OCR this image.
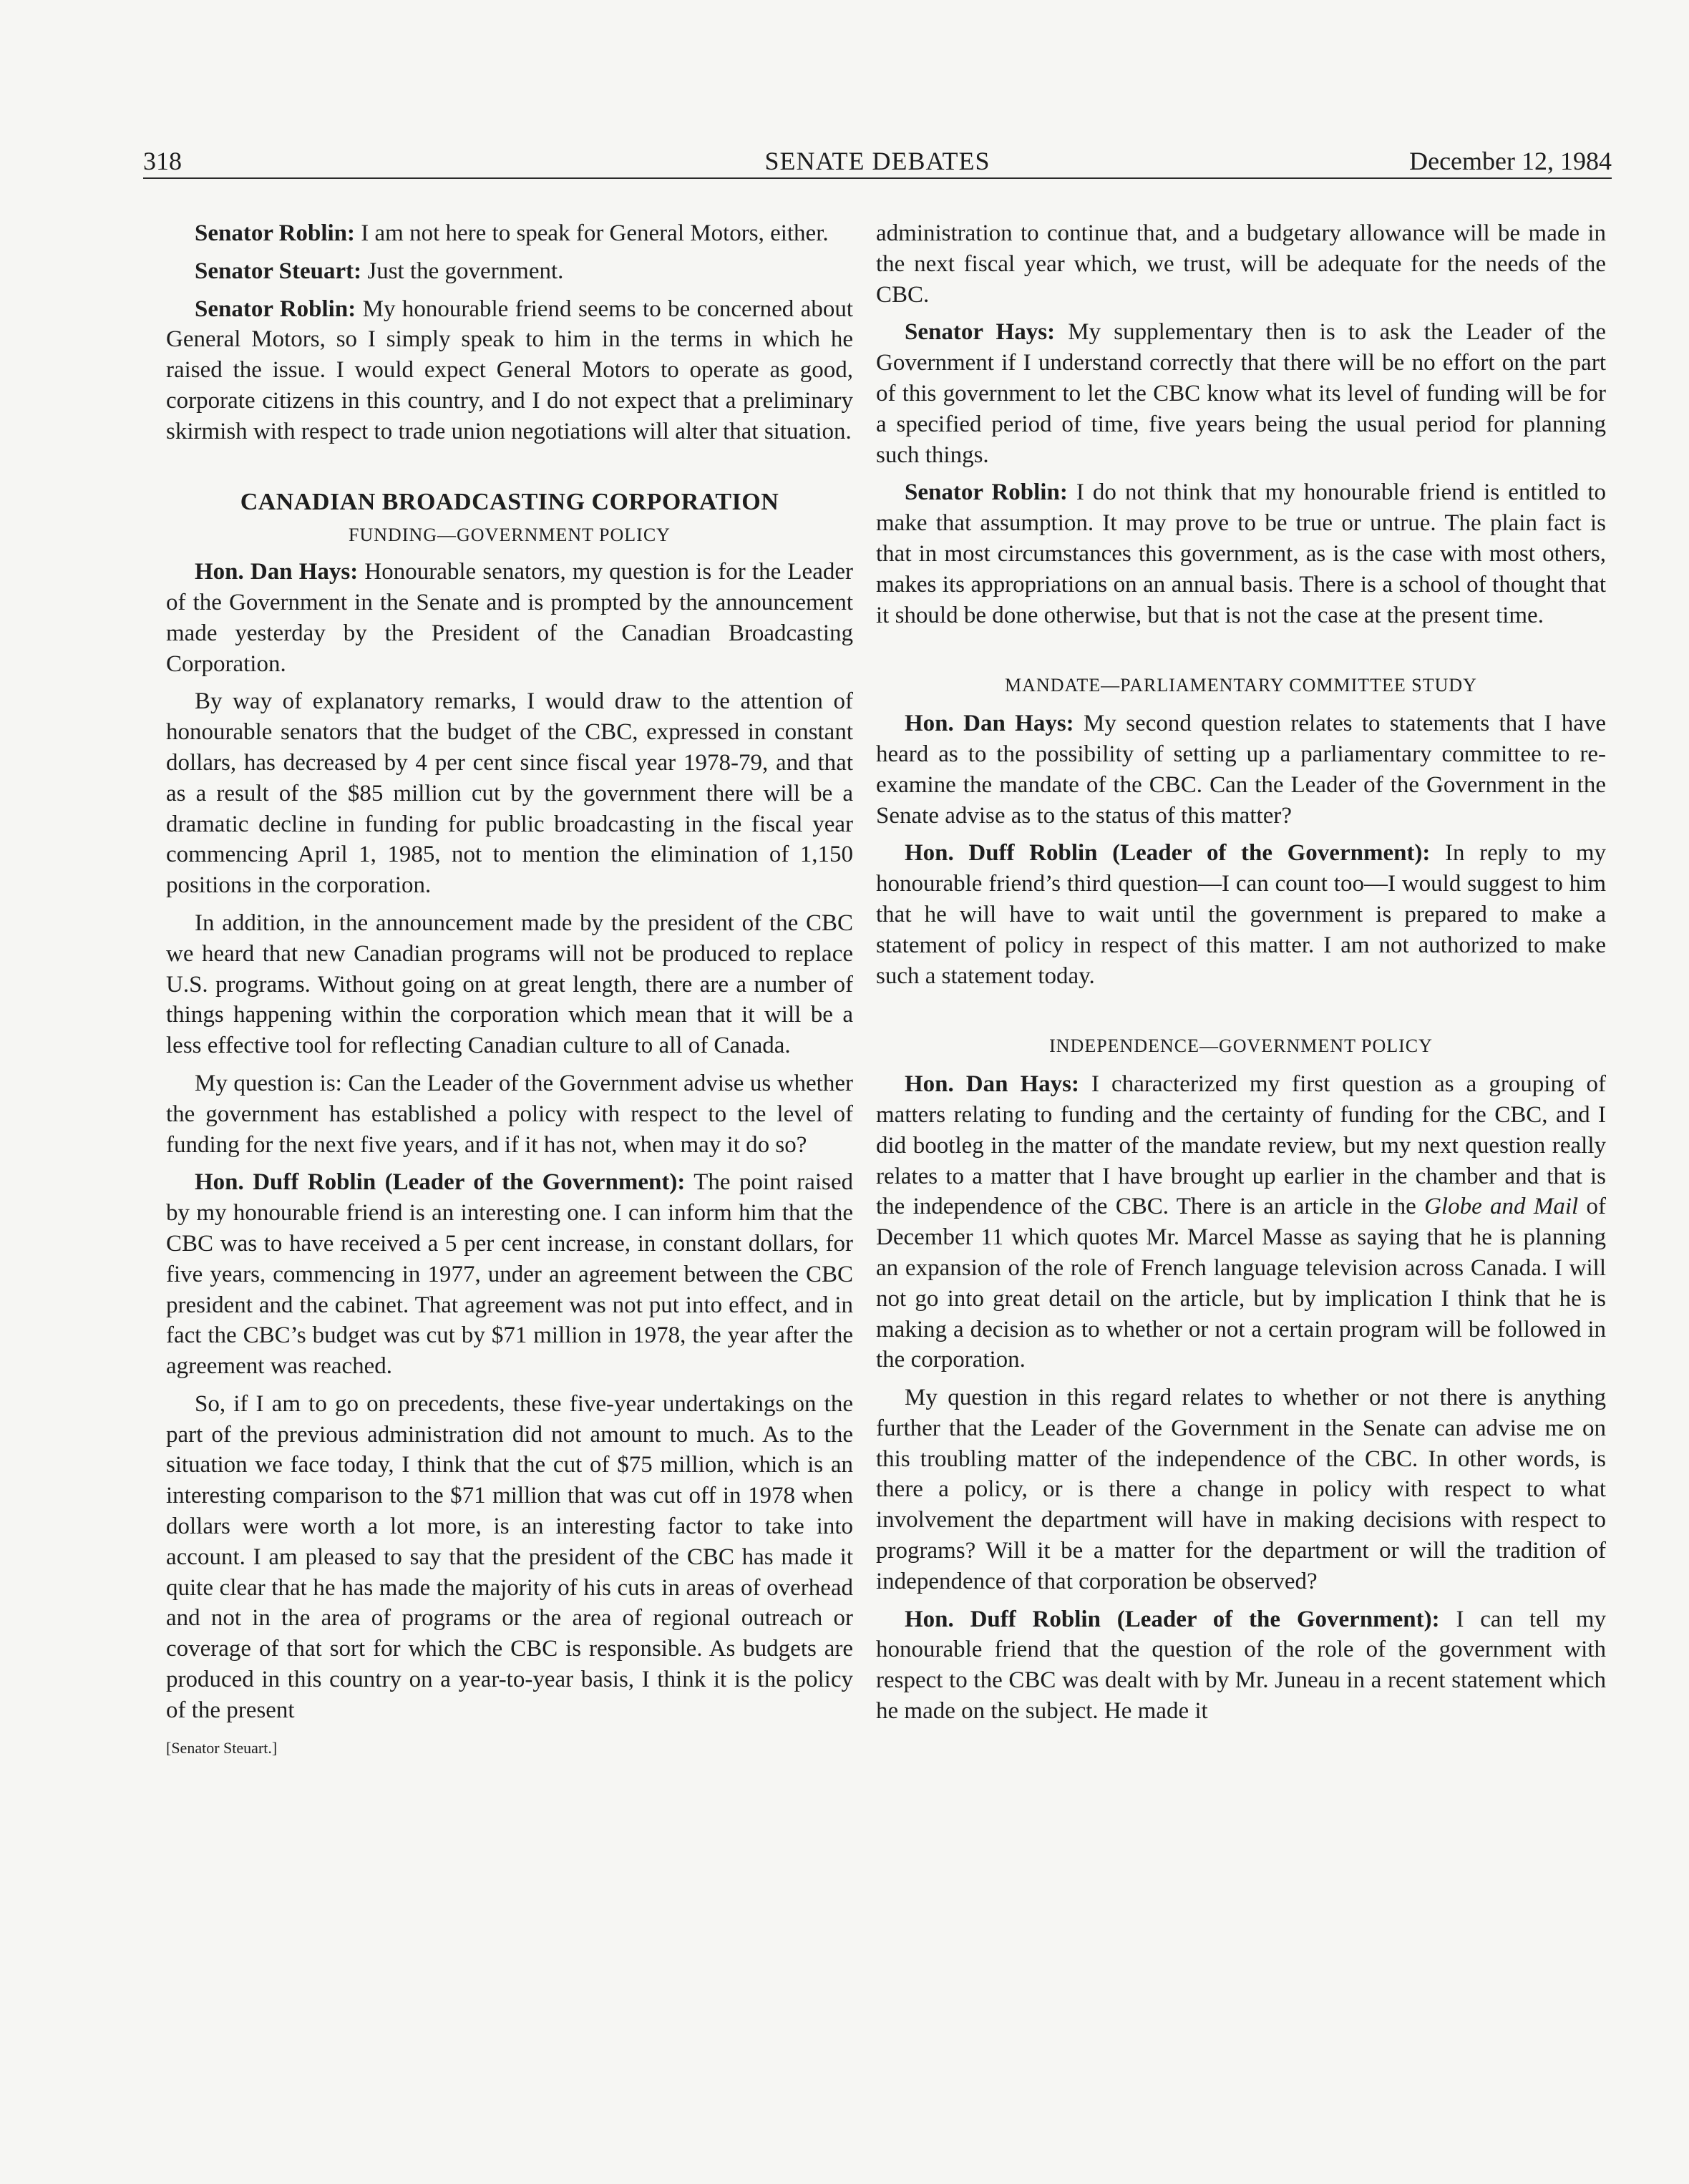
318	SENATE DEBATES	December 12, 1984

Senator Roblin: I am not here to speak for General Motors, either.

Senator Steuart: Just the government.

Senator Roblin: My honourable friend seems to be concerned about General Motors, so I simply speak to him in the terms in which he raised the issue. I would expect General Motors to operate as good, corporate citizens in this country, and I do not expect that a preliminary skirmish with respect to trade union negotiations will alter that situation.

CANADIAN BROADCASTING CORPORATION
FUNDING—GOVERNMENT POLICY

Hon. Dan Hays: Honourable senators, my question is for the Leader of the Government in the Senate and is prompted by the announcement made yesterday by the President of the Canadian Broadcasting Corporation.

By way of explanatory remarks, I would draw to the attention of honourable senators that the budget of the CBC, expressed in constant dollars, has decreased by 4 per cent since fiscal year 1978-79, and that as a result of the $85 million cut by the government there will be a dramatic decline in funding for public broadcasting in the fiscal year commencing April 1, 1985, not to mention the elimination of 1,150 positions in the corporation.

In addition, in the announcement made by the president of the CBC we heard that new Canadian programs will not be produced to replace U.S. programs. Without going on at great length, there are a number of things happening within the corporation which mean that it will be a less effective tool for reflecting Canadian culture to all of Canada.

My question is: Can the Leader of the Government advise us whether the government has established a policy with respect to the level of funding for the next five years, and if it has not, when may it do so?

Hon. Duff Roblin (Leader of the Government): The point raised by my honourable friend is an interesting one. I can inform him that the CBC was to have received a 5 per cent increase, in constant dollars, for five years, commencing in 1977, under an agreement between the CBC president and the cabinet. That agreement was not put into effect, and in fact the CBC’s budget was cut by $71 million in 1978, the year after the agreement was reached.

So, if I am to go on precedents, these five-year undertakings on the part of the previous administration did not amount to much. As to the situation we face today, I think that the cut of $75 million, which is an interesting comparison to the $71 million that was cut off in 1978 when dollars were worth a lot more, is an interesting factor to take into account. I am pleased to say that the president of the CBC has made it quite clear that he has made the majority of his cuts in areas of overhead and not in the area of programs or the area of regional outreach or coverage of that sort for which the CBC is responsible. As budgets are produced in this country on a year-to-year basis, I think it is the policy of the present

[Senator Steuart.]

administration to continue that, and a budgetary allowance will be made in the next fiscal year which, we trust, will be adequate for the needs of the CBC.

Senator Hays: My supplementary then is to ask the Leader of the Government if I understand correctly that there will be no effort on the part of this government to let the CBC know what its level of funding will be for a specified period of time, five years being the usual period for planning such things.

Senator Roblin: I do not think that my honourable friend is entitled to make that assumption. It may prove to be true or untrue. The plain fact is that in most circumstances this government, as is the case with most others, makes its appropriations on an annual basis. There is a school of thought that it should be done otherwise, but that is not the case at the present time.

MANDATE—PARLIAMENTARY COMMITTEE STUDY

Hon. Dan Hays: My second question relates to statements that I have heard as to the possibility of setting up a parliamentary committee to re-examine the mandate of the CBC. Can the Leader of the Government in the Senate advise as to the status of this matter?

Hon. Duff Roblin (Leader of the Government): In reply to my honourable friend’s third question—I can count too—I would suggest to him that he will have to wait until the government is prepared to make a statement of policy in respect of this matter. I am not authorized to make such a statement today.

INDEPENDENCE—GOVERNMENT POLICY

Hon. Dan Hays: I characterized my first question as a grouping of matters relating to funding and the certainty of funding for the CBC, and I did bootleg in the matter of the mandate review, but my next question really relates to a matter that I have brought up earlier in the chamber and that is the independence of the CBC. There is an article in the Globe and Mail of December 11 which quotes Mr. Marcel Masse as saying that he is planning an expansion of the role of French language television across Canada. I will not go into great detail on the article, but by implication I think that he is making a decision as to whether or not a certain program will be followed in the corporation.

My question in this regard relates to whether or not there is anything further that the Leader of the Government in the Senate can advise me on this troubling matter of the independence of the CBC. In other words, is there a policy, or is there a change in policy with respect to what involvement the department will have in making decisions with respect to programs? Will it be a matter for the department or will the tradition of independence of that corporation be observed?

Hon. Duff Roblin (Leader of the Government): I can tell my honourable friend that the question of the role of the government with respect to the CBC was dealt with by Mr. Juneau in a recent statement which he made on the subject. He made it
